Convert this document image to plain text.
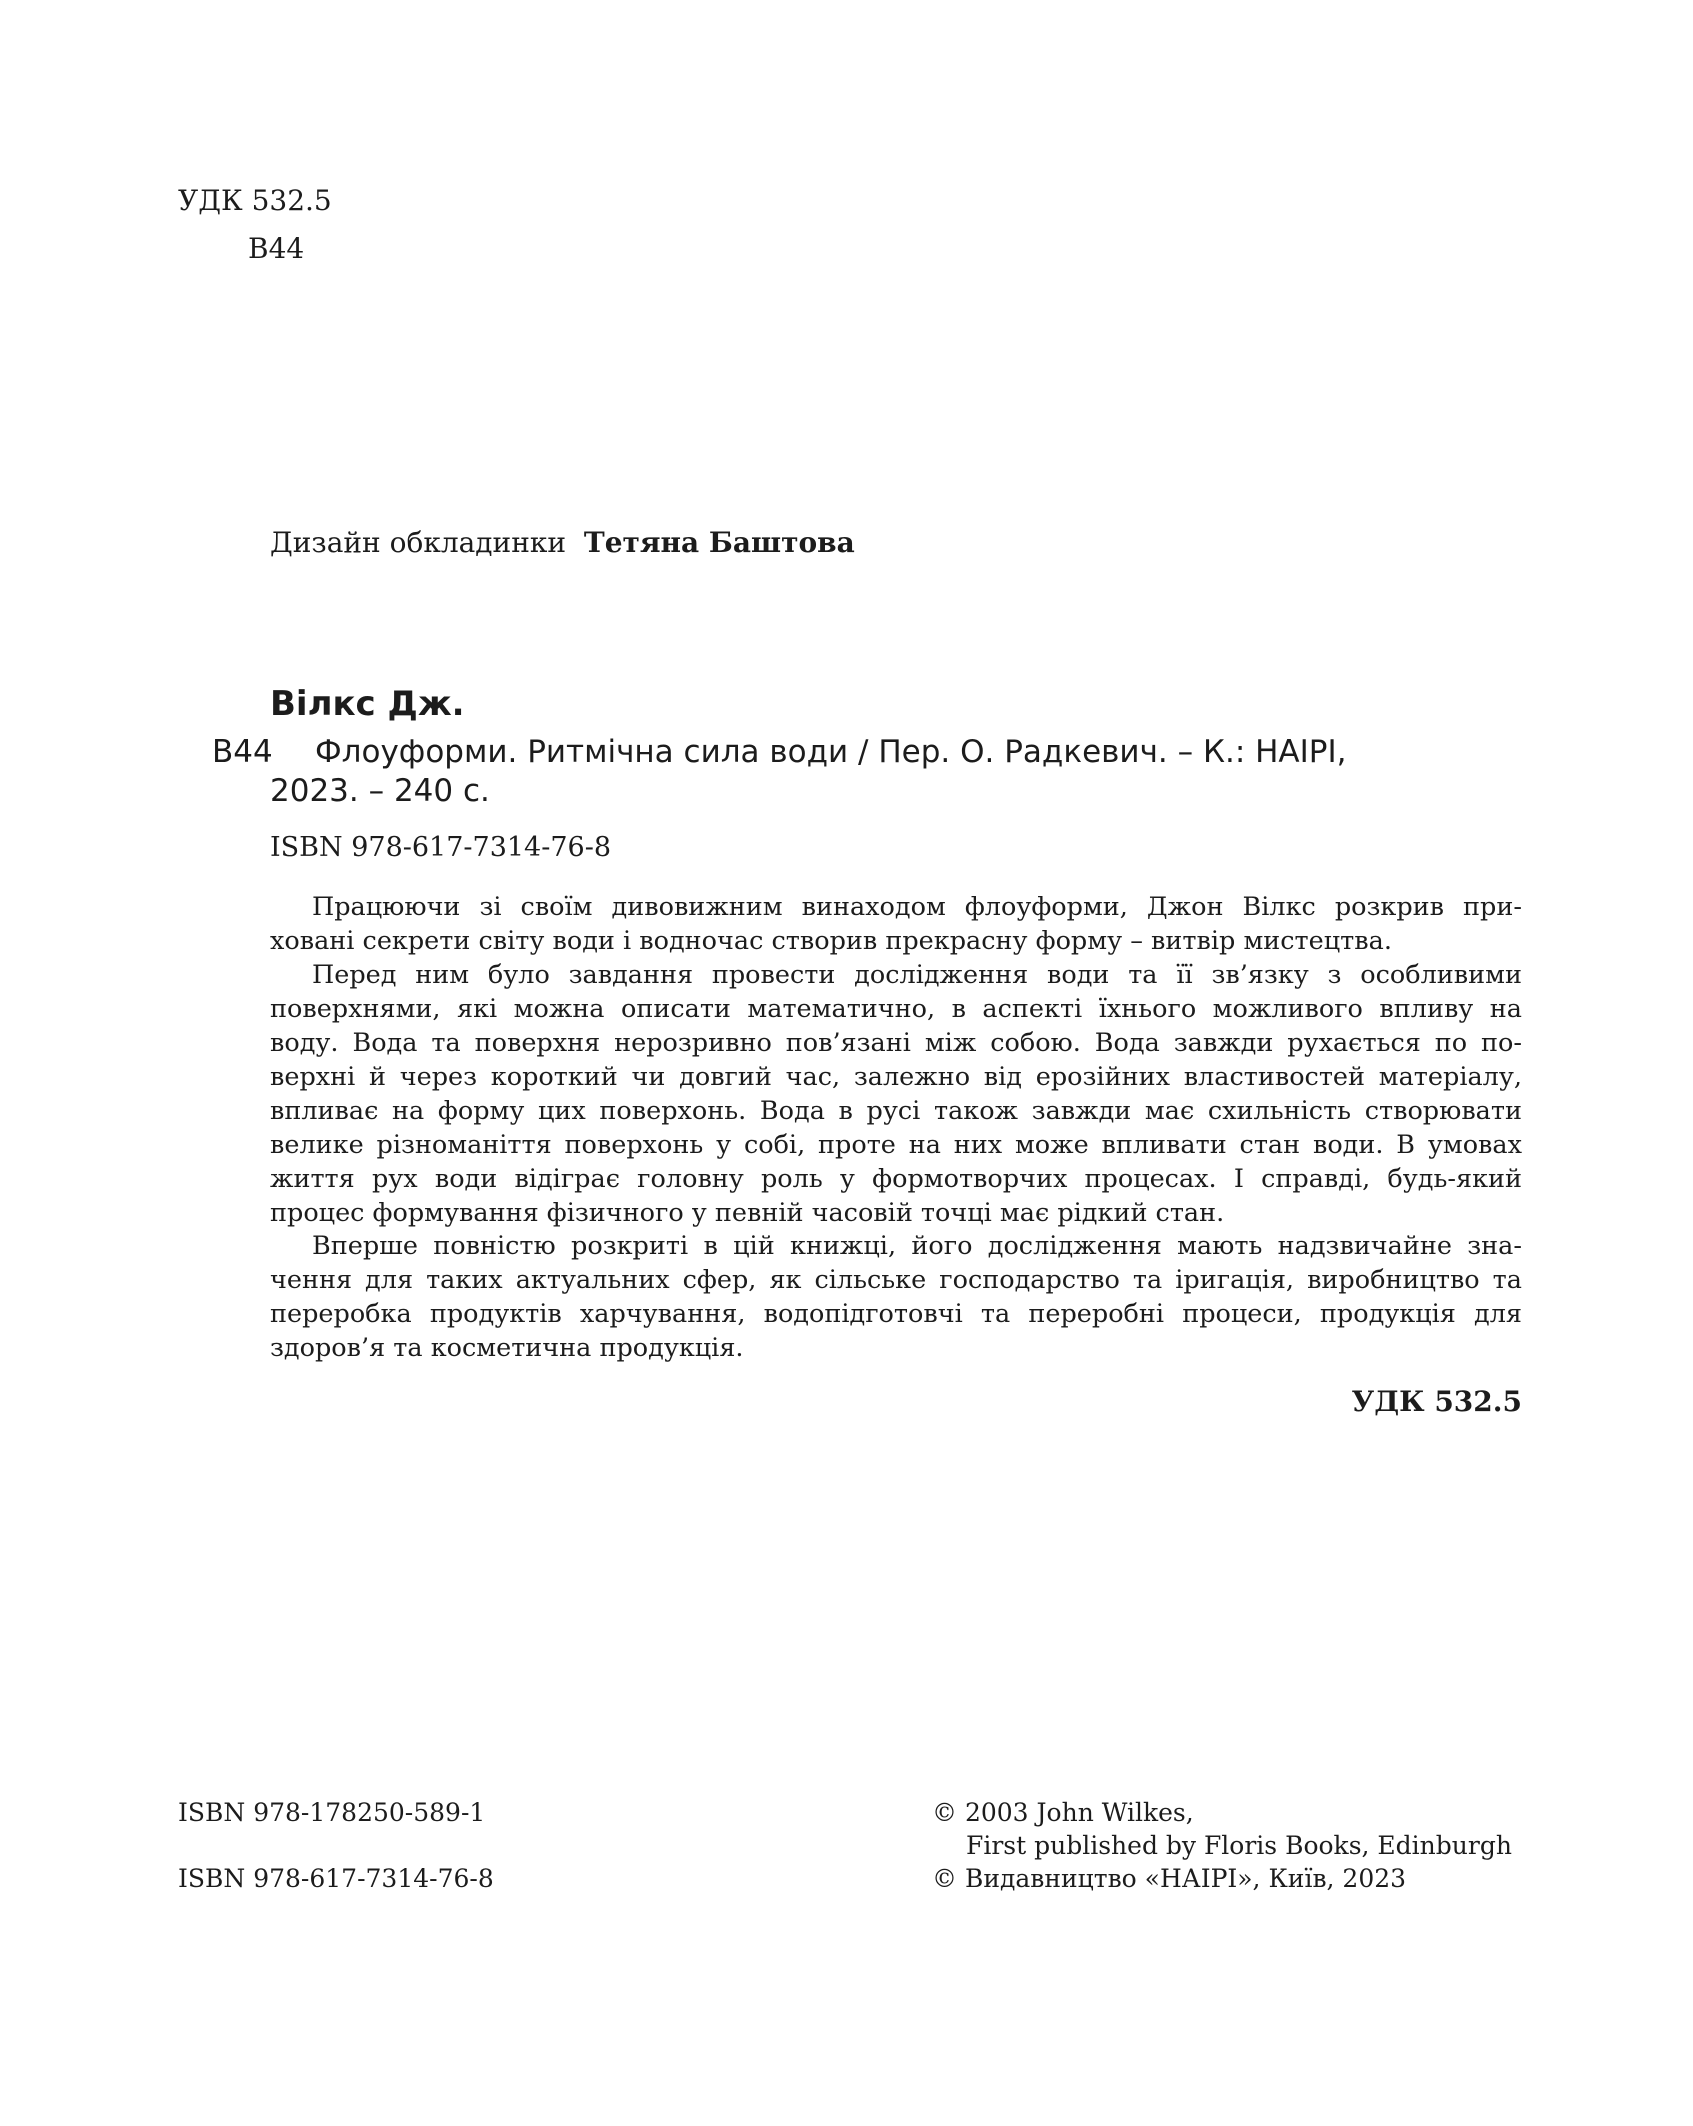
УДК 532.5
В44
Дизайн обкладинки Тетяна Баштова
Вілкс Дж.
В44 Флоуформи. Ритмічна сила води / Пер. О. Радкевич. – К.: НАІРІ,
2023. – 240 с.
ISBN 978-617-7314-76-8
Працюючи зі своїм дивовижним винаходом флоуформи, Джон Вілкс розкрив при-
ховані секрети світу води і водночас створив прекрасну форму – витвір мистецтва.
Перед ним було завдання провести дослідження води та її зв’язку з особливими
поверхнями, які можна описати математично, в аспекті їхнього можливого впливу на
воду. Вода та поверхня нерозривно пов’язані між собою. Вода завжди рухається по по-
верхні й через короткий чи довгий час, залежно від ерозійних властивостей матеріалу,
впливає на форму цих поверхонь. Вода в русі також завжди має схильність створювати
велике різноманіття поверхонь у собі, проте на них може впливати стан води. В умовах
життя рух води відіграє головну роль у формотворчих процесах. І справді, будь-який
процес формування фізичного у певній часовій точці має рідкий стан.
Вперше повністю розкриті в цій книжці, його дослідження мають надзвичайне зна-
чення для таких актуальних сфер, як сільське господарство та іригація, виробництво та
переробка продуктів харчування, водопідготовчі та переробні процеси, продукція для
здоров’я та косметична продукція.
УДК 532.5
ISBN 978-178250-589-1
ISBN 978-617-7314-76-8
© 2003 John Wilkes,
First published by Floris Books, Edinburgh
© Видавництво «НАІРІ», Київ, 2023
